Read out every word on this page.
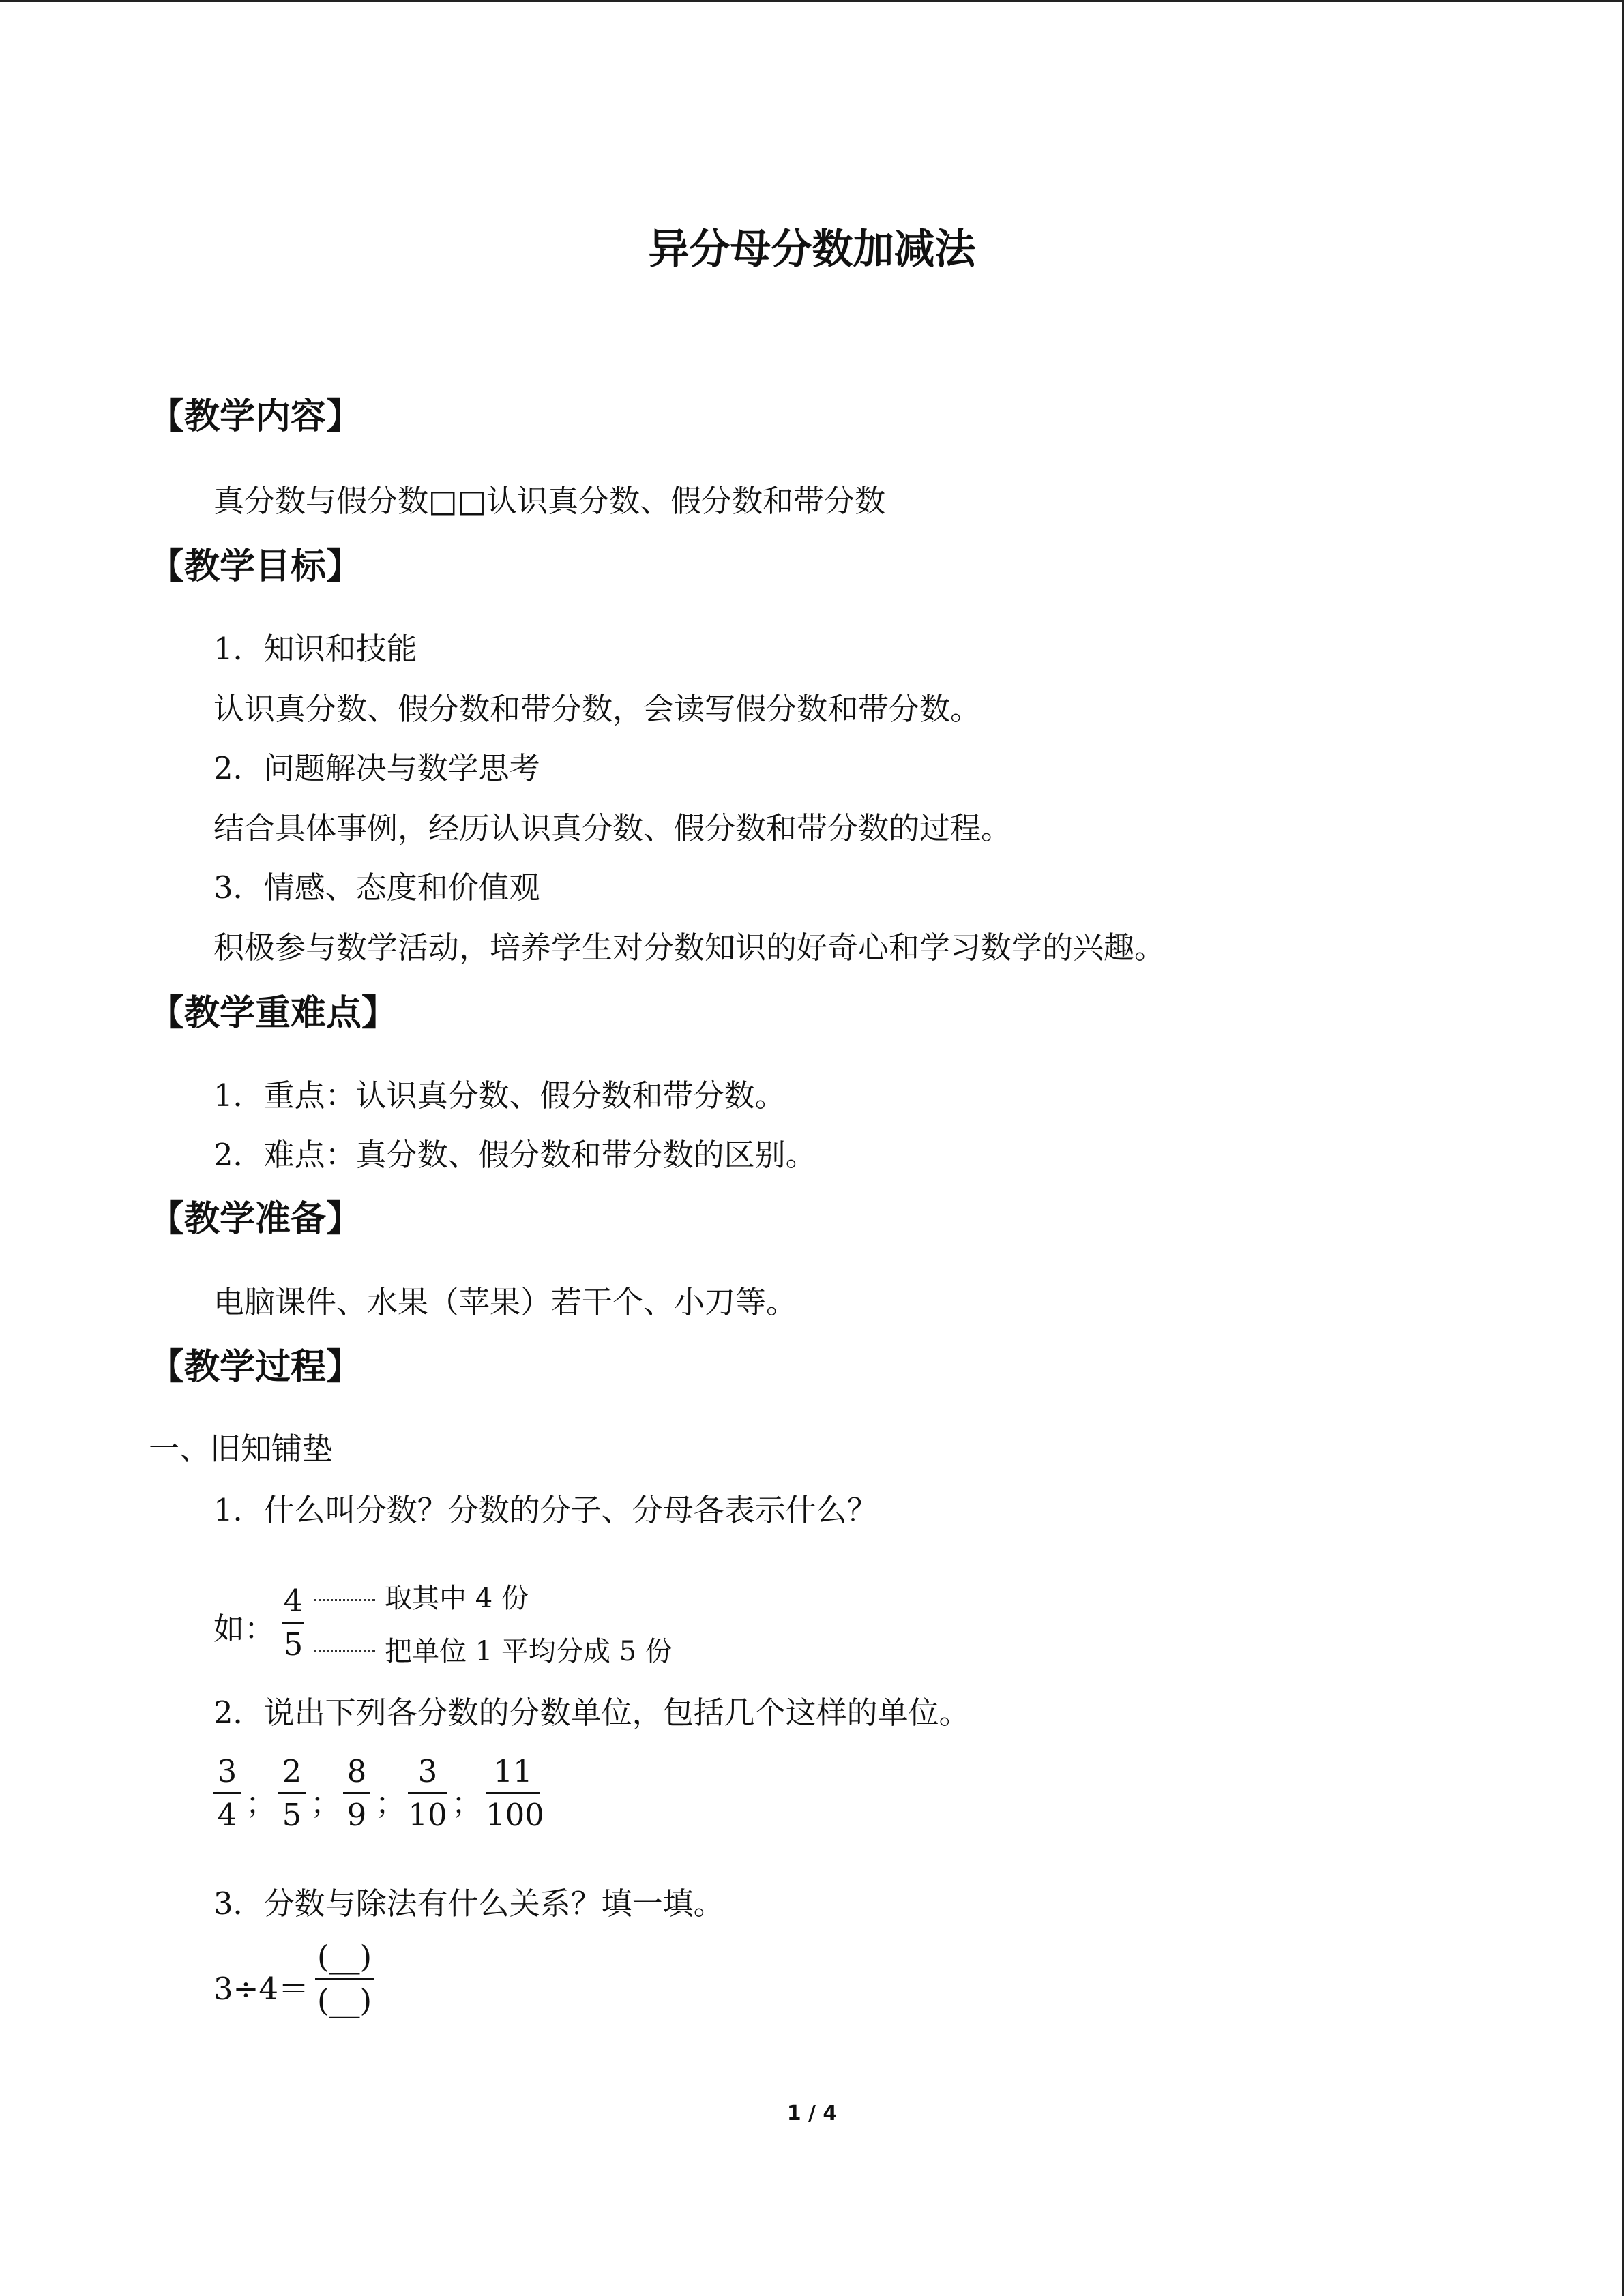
异分母分数加减法
【教学内容】
真分数与假分数□□认识真分数、假分数和带分数
【教学目标】
1．知识和技能
认识真分数、假分数和带分数，会读写假分数和带分数。
2．问题解决与数学思考
结合具体事例，经历认识真分数、假分数和带分数的过程。
3．情感、态度和价值观
积极参与数学活动，培养学生对分数知识的好奇心和学习数学的兴趣。
【教学重难点】
1．重点：认识真分数、假分数和带分数。
2．难点：真分数、假分数和带分数的区别。
【教学准备】
电脑课件、水果（苹果）若干个、小刀等。
【教学过程】
一、旧知铺垫
1．什么叫分数？分数的分子、分母各表示什么？
如：
4
5
取其中 4 份
把单位 1 平均分成 5 份
2．说出下列各分数的分数单位，包括几个这样的单位。
3
4 ；
2
5 ；
8
9 ；
3
10 ；
11
100
3．分数与除法有什么关系？填一填。
3÷4＝
(__)
(__)
1 / 4
